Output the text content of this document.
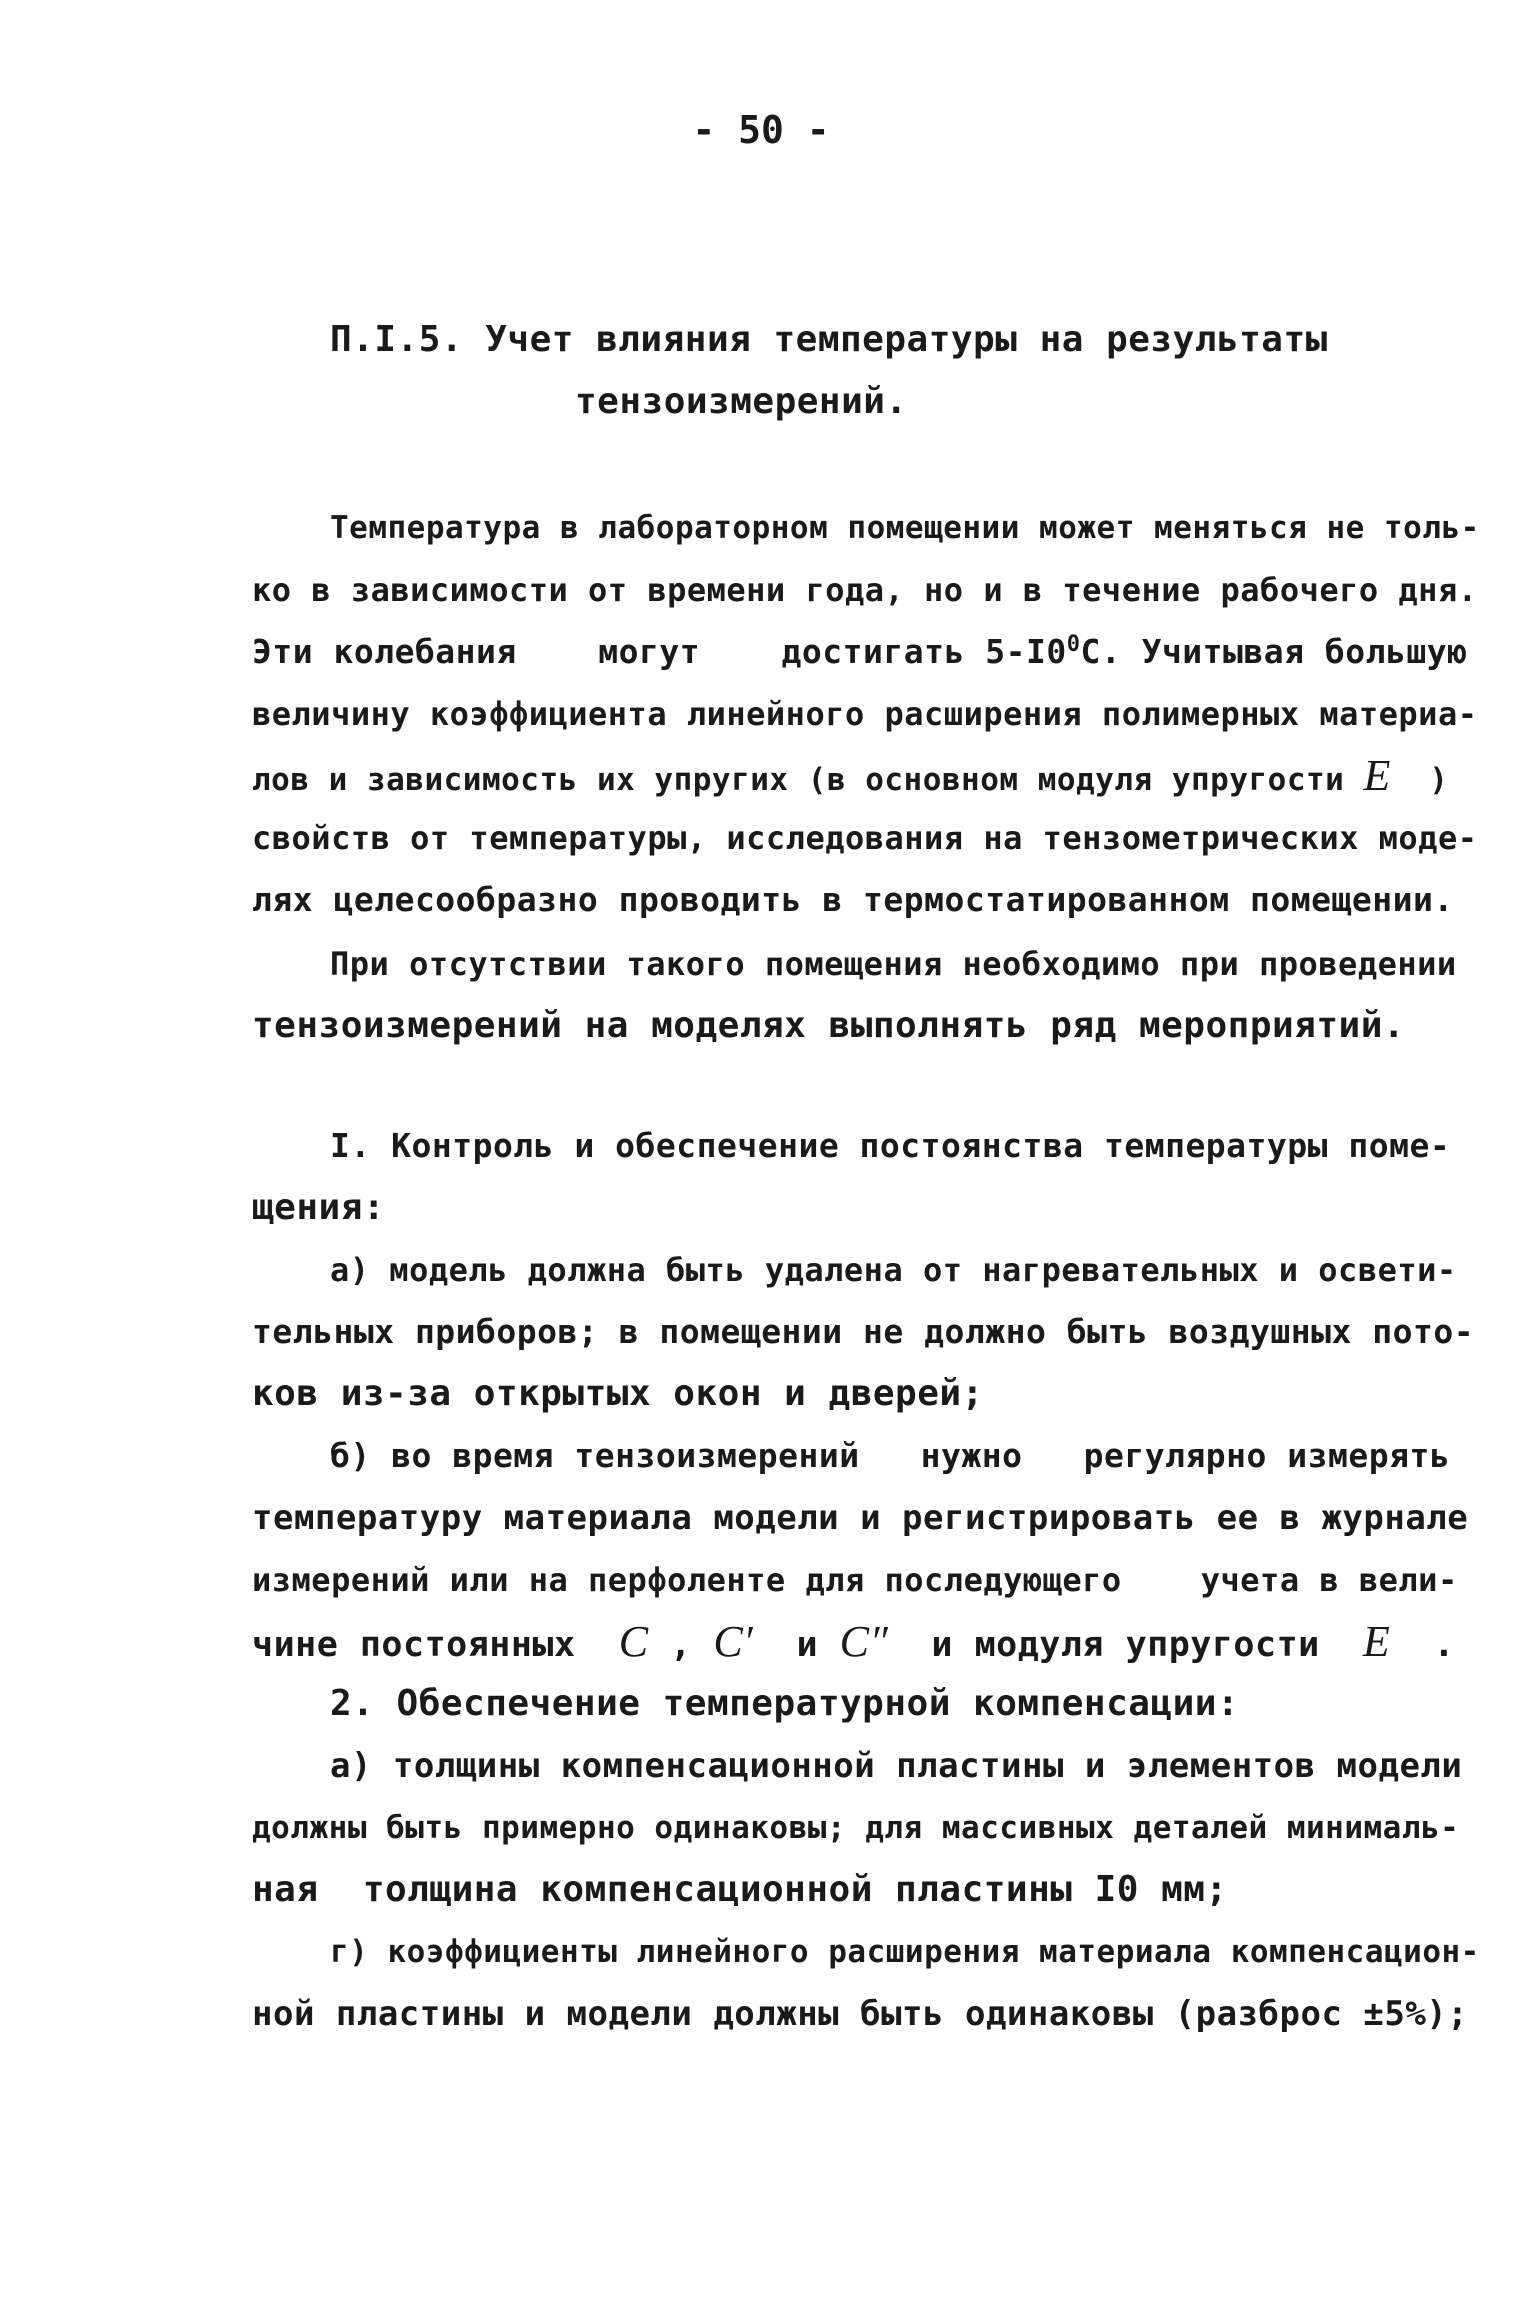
- 50 -
П.I.5. Учет влияния температуры на результаты
тензоизмерений.
Температура в лабораторном помещении может меняться не толь-
ко в зависимости от времени года, но и в течение рабочего дня.
Эти колебания    могут    достигать $5-I0^0С$. Учитывая большую
величину коэффициента линейного расширения полимерных материа-
лов и зависимость их упругих (в основном модуля упругости E  )
свойств от температуры, исследования на тензометрических моде-
лях целесообразно проводить в термостатированном помещении.
При отсутствии такого помещения необходимо при проведении
тензоизмерений на моделях выполнять ряд мероприятий.
I. Контроль и обеспечение постоянства температуры поме-
щения:
а) модель должна быть удалена от нагревательных и освети-
тельных приборов; в помещении не должно быть воздушных пото-
ков из-за открытых окон и дверей;
б) во время тензоизмерений   нужно   регулярно измерять
температуру материала модели и регистрировать ее в журнале
измерений или на перфоленте для последующего    учета в вели-
чине постоянных  C , C′  и C″  и модуля упругости  E  .
2. Обеспечение температурной компенсации:
а) толщины компенсационной пластины и элементов модели
должны быть примерно одинаковы; для массивных деталей минималь-
ная  толщина компенсационной пластины I0 мм;
г) коэффициенты линейного расширения материала компенсацион-
ной пластины и модели должны быть одинаковы (разброс ±5%);
